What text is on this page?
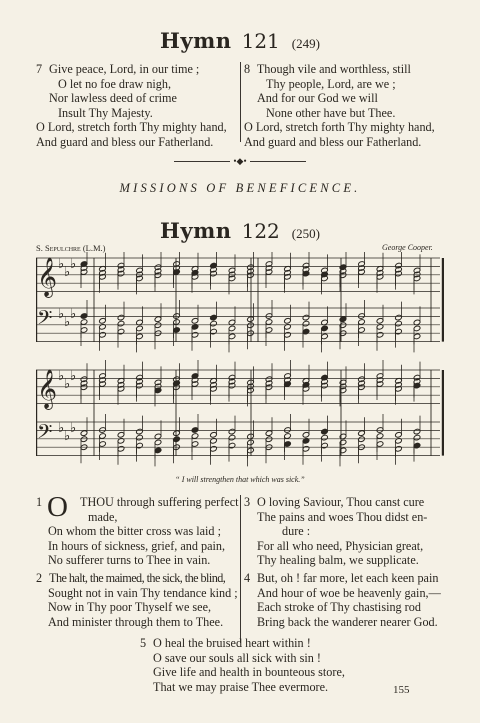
Hymn 121 (249)
7 Give peace, Lord, in our time ;
O let no foe draw nigh,
Nor lawless deed of crime
Insult Thy Majesty.
O Lord, stretch forth Thy mighty hand,
And guard and bless our Fatherland.
8 Though vile and worthless, still
Thy people, Lord, are we ;
And for our God we will
None other have but Thee.
O Lord, stretch forth Thy mighty hand,
And guard and bless our Fatherland.
•◆•
MISSIONS OF BENEFICENCE.
Hymn 122 (250)
S. Sepulchre (L.M.)	George Cooper.
𝄞 ♭
♭
♭
𝄢 ♭
♭
♭
𝄞 ♭
♭
♭
𝄢 ♭
♭
♭
“ I will strengthen that which was sick.”
1 O THOU through suffering perfect
made,
On whom the bitter cross was laid ;
In hours of sickness, grief, and pain,
No sufferer turns to Thee in vain.
3 O loving Saviour, Thou canst cure
The pains and woes Thou didst en-
dure :
For all who need, Physician great,
Thy healing balm, we supplicate.
2 The halt, the maimed, the sick, the blind,
Sought not in vain Thy tendance kind ;
Now in Thy poor Thyself we see,
And minister through them to Thee.
4 But, oh ! far more, let each keen pain
And hour of woe be heavenly gain,—
Each stroke of Thy chastising rod
Bring back the wanderer nearer God.
5 O heal the bruised heart within !
O save our souls all sick with sin !
Give life and health in bounteous store,
That we may praise Thee evermore.	155
